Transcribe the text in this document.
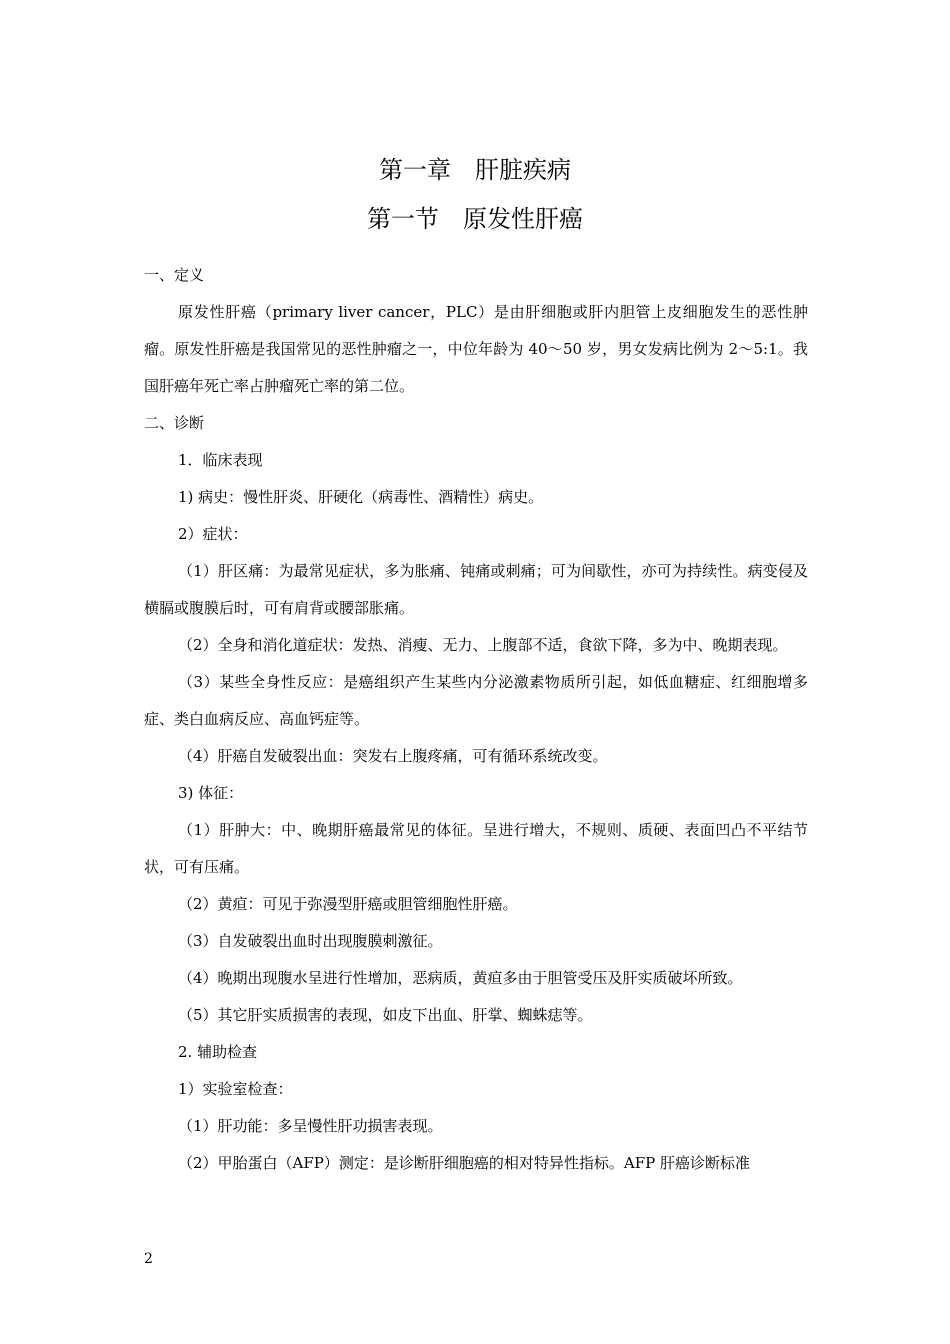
第一章　肝脏疾病
第一节　原发性肝癌

一、定义

原发性肝癌（primary liver cancer，PLC）是由肝细胞或肝内胆管上皮细胞发生的恶性肿瘤。原发性肝癌是我国常见的恶性肿瘤之一，中位年龄为 40～50 岁，男女发病比例为 2～5:1。我国肝癌年死亡率占肿瘤死亡率的第二位。

二、诊断

1．临床表现

1) 病史：慢性肝炎、肝硬化（病毒性、酒精性）病史。

2）症状：

（1）肝区痛：为最常见症状，多为胀痛、钝痛或刺痛；可为间歇性，亦可为持续性。病变侵及横膈或腹膜后时，可有肩背或腰部胀痛。

（2）全身和消化道症状：发热、消瘦、无力、上腹部不适，食欲下降，多为中、晚期表现。

（3）某些全身性反应：是癌组织产生某些内分泌激素物质所引起，如低血糖症、红细胞增多症、类白血病反应、高血钙症等。

（4）肝癌自发破裂出血：突发右上腹疼痛，可有循环系统改变。

3) 体征：

（1）肝肿大：中、晚期肝癌最常见的体征。呈进行增大，不规则、质硬、表面凹凸不平结节状，可有压痛。

（2）黄疸：可见于弥漫型肝癌或胆管细胞性肝癌。

（3）自发破裂出血时出现腹膜刺激征。

（4）晚期出现腹水呈进行性增加，恶病质，黄疸多由于胆管受压及肝实质破坏所致。

（5）其它肝实质损害的表现，如皮下出血、肝掌、蜘蛛痣等。

2. 辅助检查

1）实验室检查：

（1）肝功能：多呈慢性肝功损害表现。

（2）甲胎蛋白（AFP）测定：是诊断肝细胞癌的相对特异性指标。AFP 肝癌诊断标准

2
